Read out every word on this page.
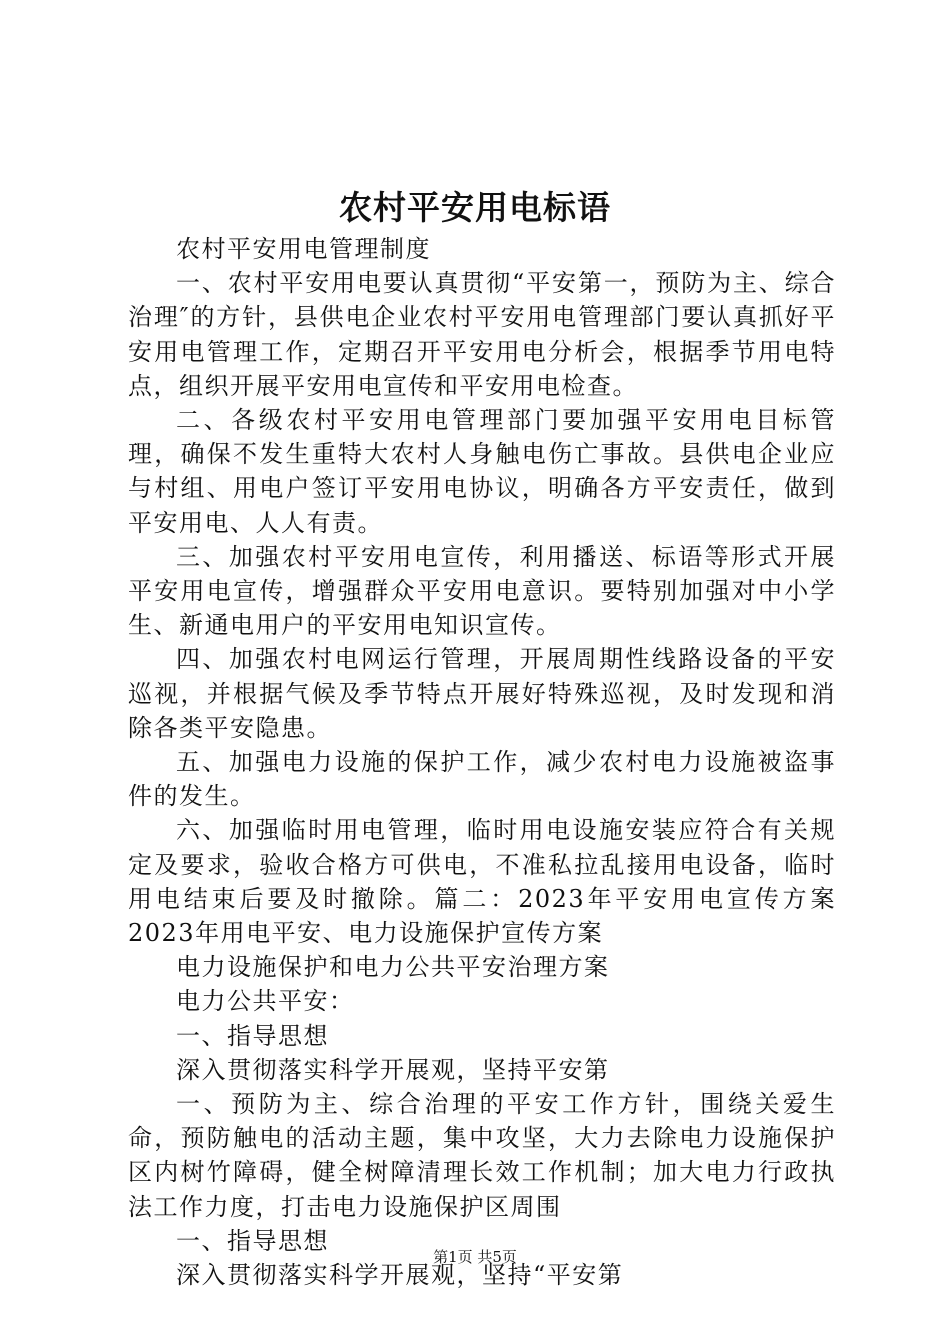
农村平安用电标语

农村平安用电管理制度

一、农村平安用电要认真贯彻“平安第一，预防为主、综合治理″的方针，县供电企业农村平安用电管理部门要认真抓好平安用电管理工作，定期召开平安用电分析会，根据季节用电特点，组织开展平安用电宣传和平安用电检查。

二、各级农村平安用电管理部门要加强平安用电目标管理，确保不发生重特大农村人身触电伤亡事故。县供电企业应与村组、用电户签订平安用电协议，明确各方平安责任，做到平安用电、人人有责。

三、加强农村平安用电宣传，利用播送、标语等形式开展平安用电宣传，增强群众平安用电意识。要特别加强对中小学生、新通电用户的平安用电知识宣传。

四、加强农村电网运行管理，开展周期性线路设备的平安巡视，并根据气候及季节特点开展好特殊巡视，及时发现和消除各类平安隐患。

五、加强电力设施的保护工作，减少农村电力设施被盗事件的发生。

六、加强临时用电管理，临时用电设施安装应符合有关规定及要求，验收合格方可供电，不准私拉乱接用电设备，临时用电结束后要及时撤除。篇二：2023年平安用电宣传方案2023年用电平安、电力设施保护宣传方案

电力设施保护和电力公共平安治理方案

电力公共平安：

一、指导思想

深入贯彻落实科学开展观，坚持平安第

一、预防为主、综合治理的平安工作方针，围绕关爱生命，预防触电的活动主题，集中攻坚，大力去除电力设施保护区内树竹障碍，健全树障清理长效工作机制；加大电力行政执法工作力度，打击电力设施保护区周围

一、指导思想

深入贯彻落实科学开展观，坚持“平安第

第1页 共5页
